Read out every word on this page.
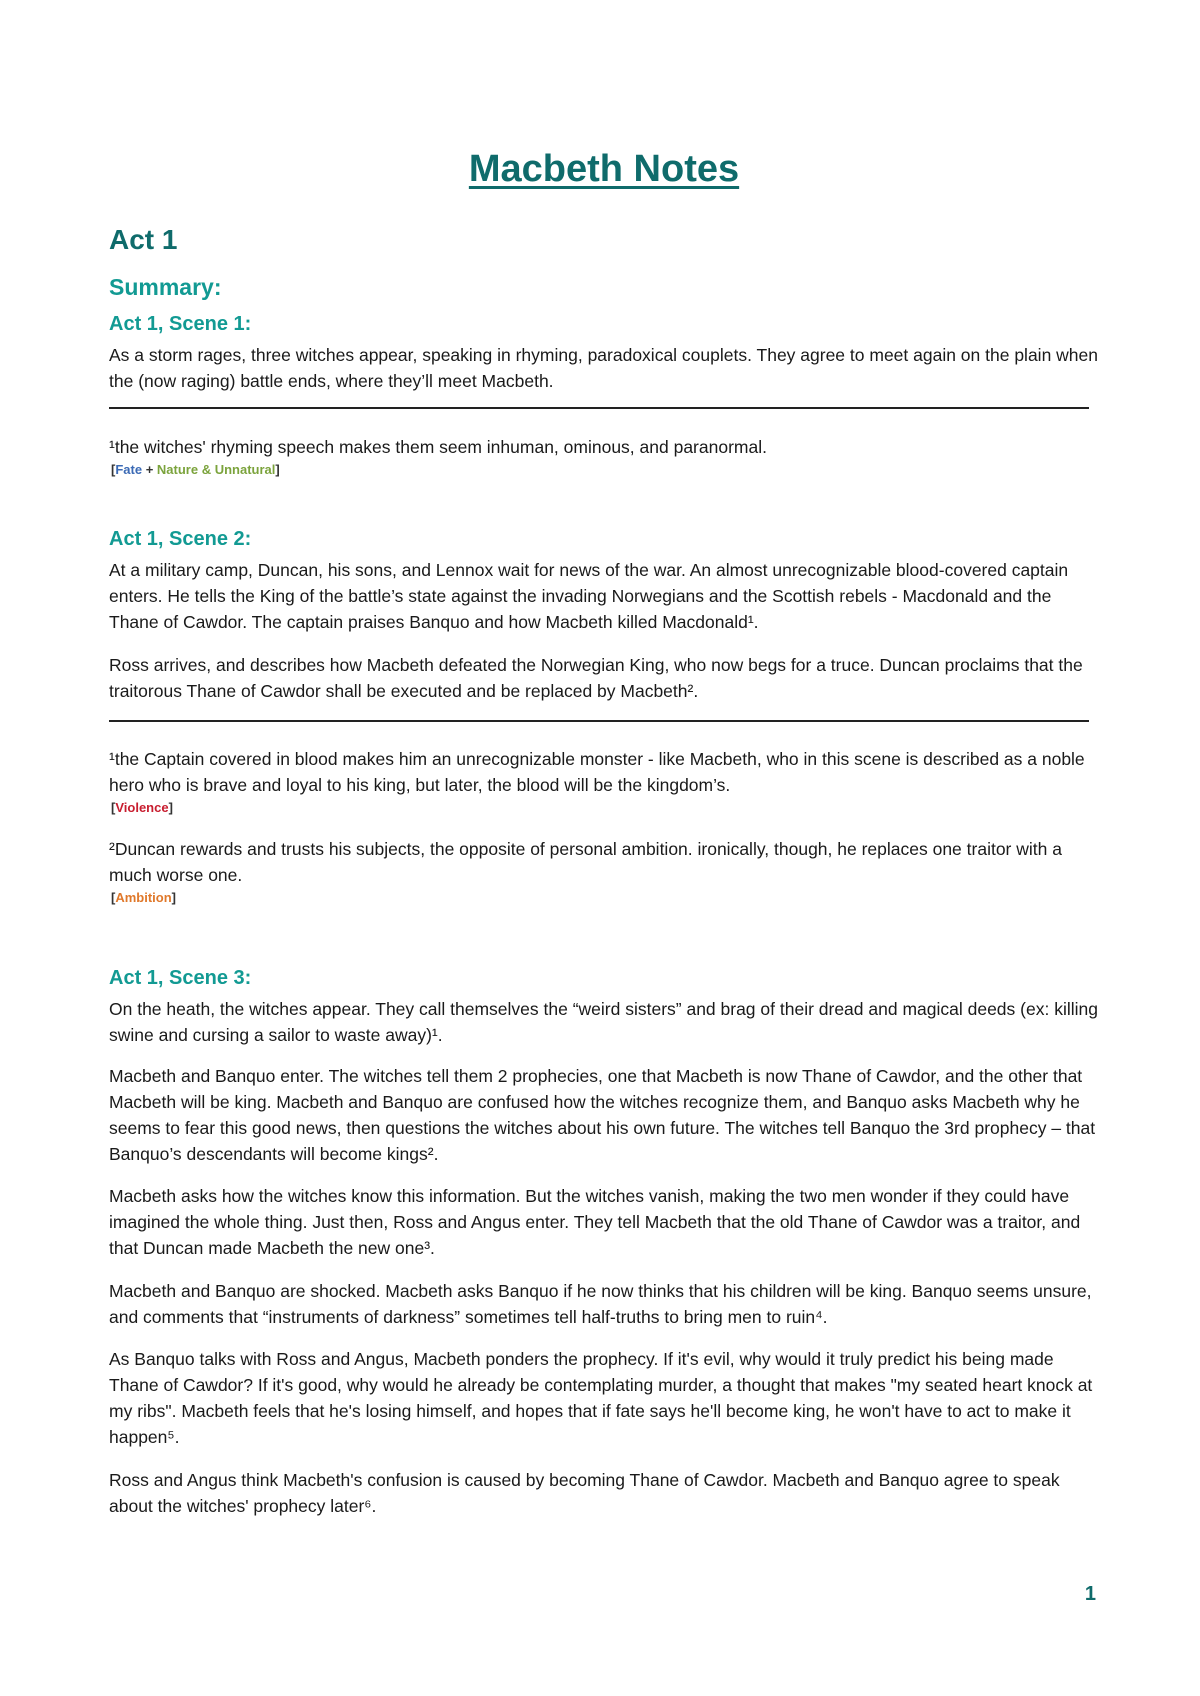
Macbeth Notes
Act 1
Summary:
Act 1, Scene 1:

As a storm rages, three witches appear, speaking in rhyming, paradoxical couplets. They agree to meet again on the plain when the (now raging) battle ends, where they’ll meet Macbeth.

¹the witches' rhyming speech makes them seem inhuman, ominous, and paranormal.

[Fate + Nature & Unnatural]
Act 1, Scene 2:

At a military camp, Duncan, his sons, and Lennox wait for news of the war. An almost unrecognizable blood-covered captain enters. He tells the King of the battle’s state against the invading Norwegians and the Scottish rebels - Macdonald and the Thane of Cawdor. The captain praises Banquo and how Macbeth killed Macdonald¹.

Ross arrives, and describes how Macbeth defeated the Norwegian King, who now begs for a truce. Duncan proclaims that the traitorous Thane of Cawdor shall be executed and be replaced by Macbeth².

¹the Captain covered in blood makes him an unrecognizable monster - like Macbeth, who in this scene is described as a noble hero who is brave and loyal to his king, but later, the blood will be the kingdom’s.

[Violence]

²Duncan rewards and trusts his subjects, the opposite of personal ambition. ironically, though, he replaces one traitor with a much worse one.

[Ambition]
Act 1, Scene 3:

On the heath, the witches appear. They call themselves the “weird sisters” and brag of their dread and magical deeds (ex: killing swine and cursing a sailor to waste away)¹.

Macbeth and Banquo enter. The witches tell them 2 prophecies, one that Macbeth is now Thane of Cawdor, and the other that Macbeth will be king. Macbeth and Banquo are confused how the witches recognize them, and Banquo asks Macbeth why he seems to fear this good news, then questions the witches about his own future. The witches tell Banquo the 3rd prophecy – that Banquo’s descendants will become kings².

Macbeth asks how the witches know this information. But the witches vanish, making the two men wonder if they could have imagined the whole thing. Just then, Ross and Angus enter. They tell Macbeth that the old Thane of Cawdor was a traitor, and that Duncan made Macbeth the new one³.

Macbeth and Banquo are shocked. Macbeth asks Banquo if he now thinks that his children will be king. Banquo seems unsure, and comments that “instruments of darkness” sometimes tell half-truths to bring men to ruin⁴.

As Banquo talks with Ross and Angus, Macbeth ponders the prophecy. If it's evil, why would it truly predict his being made Thane of Cawdor? If it's good, why would he already be contemplating murder, a thought that makes "my seated heart knock at my ribs". Macbeth feels that he's losing himself, and hopes that if fate says he'll become king, he won't have to act to make it happen⁵.

Ross and Angus think Macbeth's confusion is caused by becoming Thane of Cawdor. Macbeth and Banquo agree to speak about the witches' prophecy later⁶.

1
